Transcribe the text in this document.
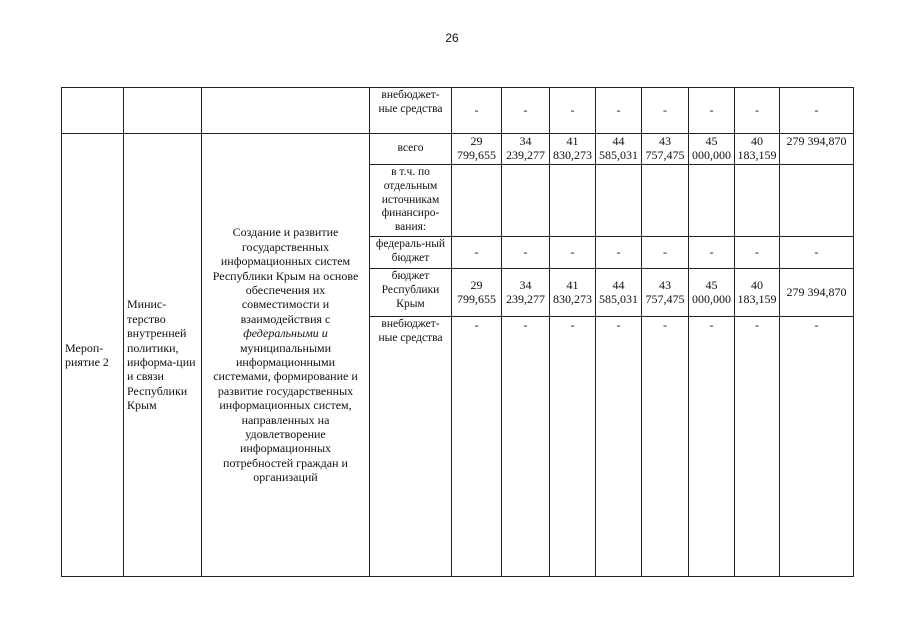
26
			внебюджет-ные средства	-	-	-	-	-	-	-	-
Мероп-риятие 2	Минис-терство внутренней политики, информа-ции и связи Республики Крым	Создание и развитие государственных информационных систем Республики Крым на основе обеспечения их совместимости и взаимодействия с федеральными и муниципальными информационными системами, формирование и развитие государственных информационных систем, направленных на удовлетворение информационных потребностей граждан и организаций	всего	29 799,655	34 239,277	41 830,273	44 585,031	43 757,475	45 000,000	40 183,159	279 394,870
			в т.ч. по отдельным источникам финансиро-вания:								
			федераль-ный бюджет	-	-	-	-	-	-	-	-
			бюджет Республики Крым	29 799,655	34 239,277	41 830,273	44 585,031	43 757,475	45 000,000	40 183,159	279 394,870
			внебюджет-ные средства	-	-	-	-	-	-	-	-
